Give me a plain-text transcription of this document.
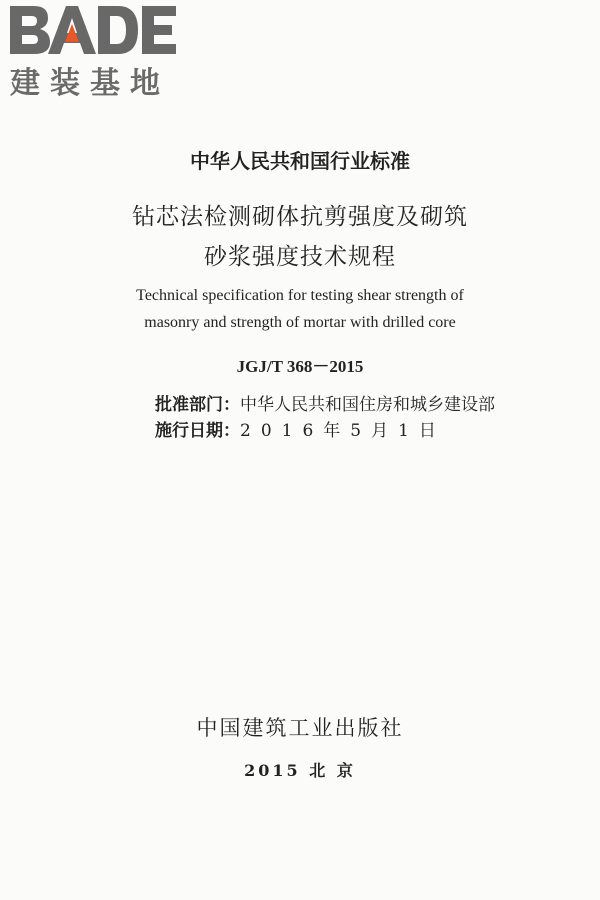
建装基地
中华人民共和国行业标准
钻芯法检测砌体抗剪强度及砌筑
砂浆强度技术规程
Technical specification for testing shear strength of
masonry and strength of mortar with drilled core
JGJ/T 368－2015
批准部门：中华人民共和国住房和城乡建设部
施行日期：2016年5月1日
中国建筑工业出版社
2015 北 京
